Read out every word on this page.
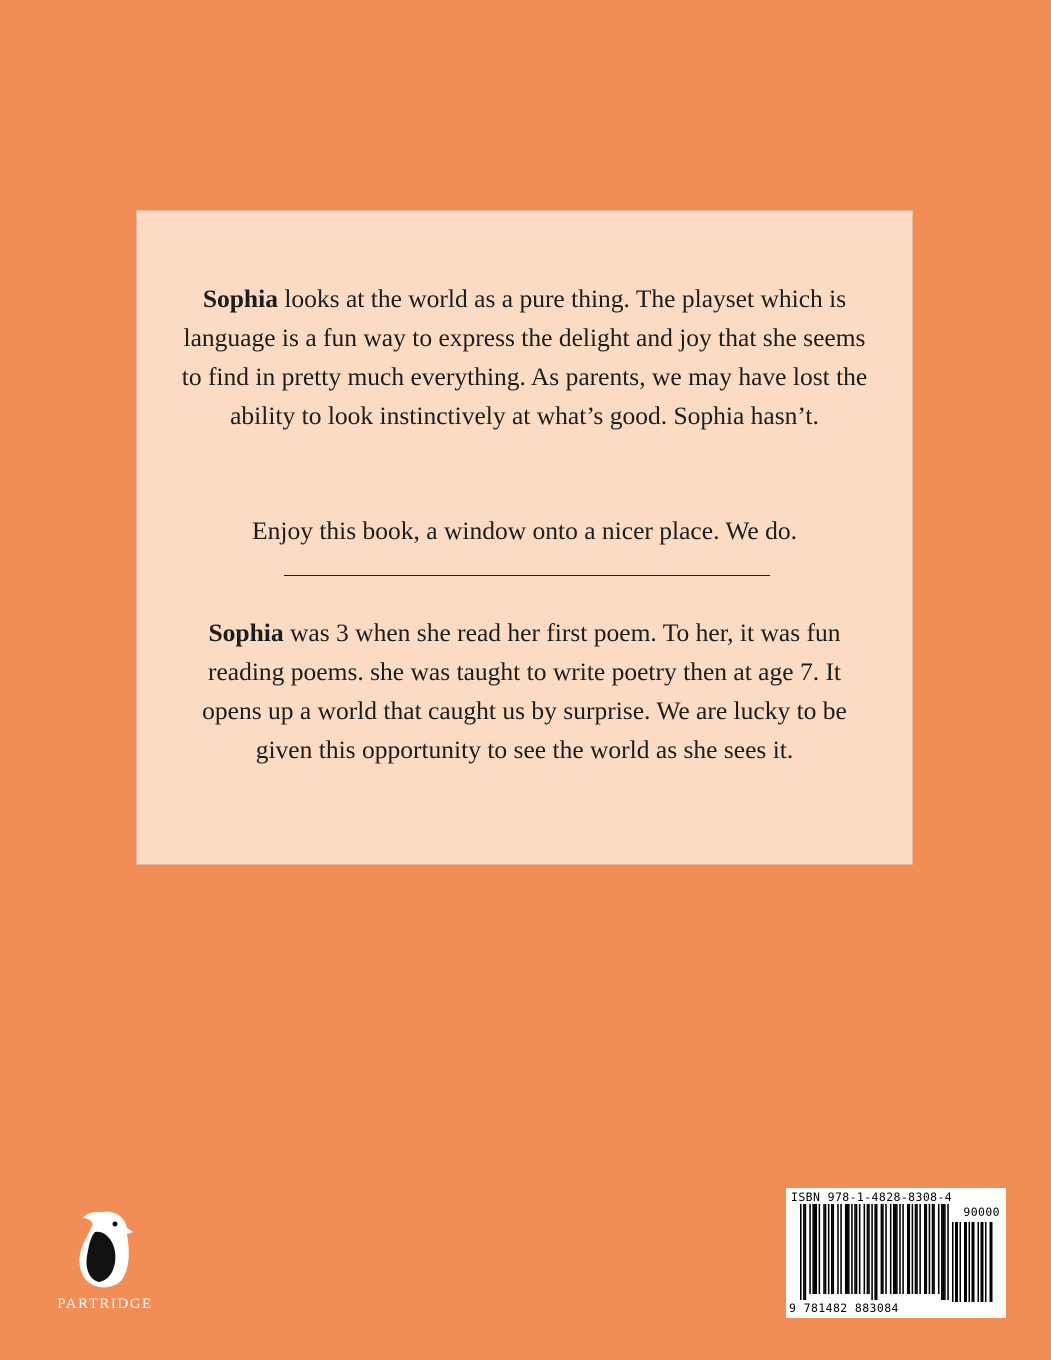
Sophia looks at the world as a pure thing. The playset which is language is a fun way to express the delight and joy that she seems to find in pretty much everything. As parents, we may have lost the ability to look instinctively at what’s good. Sophia hasn’t.

Enjoy this book, a window onto a nicer place. We do.

Sophia was 3 when she read her first poem. To her, it was fun reading poems. she was taught to write poetry then at age 7. It opens up a world that caught us by surprise. We are lucky to be given this opportunity to see the world as she sees it.

PARTRIDGE
ISBN 978-1-4828-8308-4
90000
9 781482 883084
